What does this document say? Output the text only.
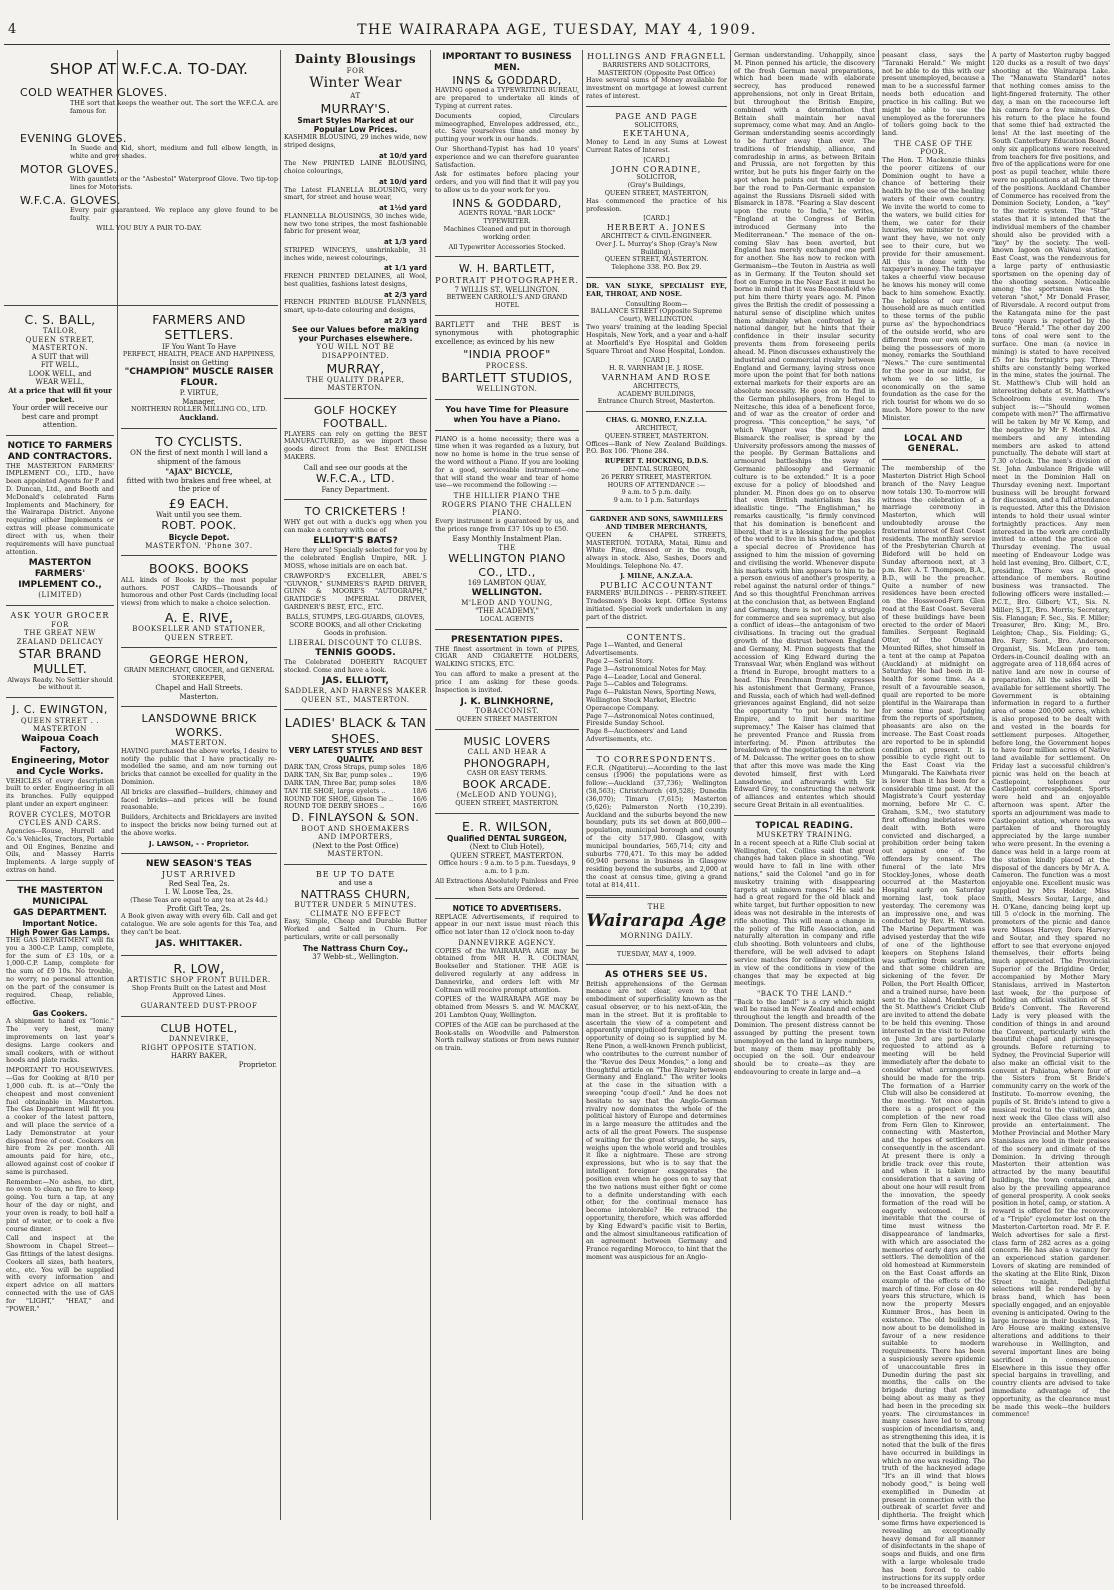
4	THE WAIRARAPA AGE, TUESDAY, MAY 4, 1909.
SHOP AT W.F.C.A. TO-DAY.
COLD WEATHER GLOVES.

THE sort that keeps the weather out. The sort the W.F.C.A. are famous for.

EVENING GLOVES.

In Suede and Kid, short, medium and full elbow length, in white and grey shades.

MOTOR GLOVES.

With gauntlets or the "Asbestol" Waterproof Glove. Two tip-top lines for Motorists.

W.F.C.A. GLOVES.

Every pair guaranteed. We replace any glove found to be faulty.

WILL YOU BUY A PAIR TO-DAY.

C. S. BALL,
TAILOR,
QUEEN STREET, MASTERTON.
A SUIT that will
FIT WELL,
LOOK WELL, and
WEAR WELL,
At a price that will fit your pocket.

Your order will receive our best care and prompt attention.

NOTICE TO FARMERS AND CONTRACTORS.

THE MASTERTON FARMERS' IMPLEMENT CO., LTD., have been appointed Agents for P. and D. Duncan, Ltd., and Booth and McDonald's celebrated Farm Implements and Machinery, for the Wairarapa District. Anyone requiring either Implements or extras will please communicate direct with us, when their requirements will have punctual attention.

MASTERTON FARMERS' IMPLEMENT CO.,
(LIMITED)
ASK YOUR GROCER
FOR
THE GREAT NEW ZEALAND DELICACY
STAR BRAND MULLET.

Always Ready. No Settler should be without it.

J. C. EWINGTON,
QUEEN STREET . . MASTERTON
Waipoua Coach Factory, Engineering, Motor and Cycle Works.

VEHICLES of every description built to order. Engineering in all its branches. Fully equipped plant under an expert engineer.

ROVER CYCLES, MOTOR CYCLES AND CARS.

Agencies—Rouse, Hurrell and Co.'s Vehicles, Tractors, Portable and Oil Engines, Benzine and Oils, and Massey Harris Implements. A large supply of extras on hand.

THE MASTERTON
MUNICIPAL
GAS DEPARTMENT.
Important Notice.
High Power Gas Lamps.

THE GAS DEPARTMENT will fix you a 300-C.P. Lamp, complete, for the sum of £3 10s, or a 1,000-C.P. Lamp, complete for the sum of £9 10s. No trouble, no worry, no personal attention on the part of the consumer is required. Cheap, reliable, effective.

Gas Cookers.

A shipment to hand ex "Ionic." The very best, many improvements on last year's designs. Large cookers and small cookers, with or without hoods and plate racks.

IMPORTANT TO HOUSEWIVES.—Gas for Cooking at 8/10 per 1,000 cub. ft. is at—"Only the cheapest and most convenient fuel obtainable in Masterton. The Gas Department will fit you a cooker of the latest pattern, and will place the service of a Lady Demonstrator at your disposal free of cost. Cookers on hire from 2s per month. All amounts paid for hire, etc., allowed against cost of cooker if same is purchased.

Remember.—No ashes, no dirt, no oven to clean, no fire to keep going. You turn a tap, at any hour of the day or night, and your oven is ready, to boil half a pint of water, or to cook a five course dinner.

Call and inspect at the Showroom in Chapel Street—Gas fittings of the latest designs. Cookers all sizes, bath heaters, etc., etc. You will be supplied with every information and expert advice on all matters connected with the use of GAS for "LIGHT," "HEAT," and "POWER."

FARMERS AND SETTLERS.
IF You Want To Have
PERFECT, HEALTH, PEACE AND HAPPINESS,
Insist on Getting
"CHAMPION" MUSCLE RAISER FLOUR.
P. VIRTUE,
Manager,
NORTHERN ROLLER MILLING CO., LTD.
Auckland.
TO CYCLISTS.

ON the first of next month I will land a shipment of the famous

"AJAX" BICYCLE,

fitted with two brakes and free wheel, at the price of

£9 EACH.
Wait until you see them.
ROBT. POOK.
Bicycle Depot.
MASTERTON. 'Phone 307.
BOOKS. BOOKS

ALL kinds of Books by the most popular authors. POST CARDS—Thousands of humorous and other Post Cards (including local views) from which to make a choice selection.

A. E. RIVE,
BOOKSELLER AND STATIONER,
QUEEN STREET.
GEORGE HERON,

GRAIN MERCHANT, GROCER, and GENERAL STOREKEEPER,

Chapel and Hall Streets.
Masterton.
LANSDOWNE BRICK WORKS.
MASTERTON.

HAVING purchased the above works, I desire to notify the public that I have practically re-modelled the same, and am now turning out bricks that cannot be excelled for quality in the Dominion.

All bricks are classified—builders, chimney and faced bricks—and prices will be found reasonable.

Builders, Architects and Bricklayers are invited to inspect the bricks now being turned out at the above works.

J. LAWSON, - - Proprietor.
NEW SEASON'S TEAS
JUST ARRIVED
Red Seal Tea, 2s.
I. W. Loose Tea, 2s.
(These Teas are equal to any tea at 2s 4d.)
Profit Gift Tea, 2s.

A Book given away with every 6lb. Call and get catalogue. We are sole agents for this Tea, and they can't be beat.

JAS. WHITTAKER.
R. LOW,
ARTISTIC SHOP FRONT BUILDER.

Shop Fronts Built on the Latest and Most Approved Lines.

GUARANTEED DUST-PROOF
CLUB HOTEL,
DANNEVIRKE,
RIGHT OPPOSITE STATION.
HARRY BAKER,
Proprietor.
Dainty Blousings
FOR
Winter Wear
AT
MURRAY'S.
Smart Styles Marked at our Popular Low Prices.

KASHMIR BLOUSING, 29 inches wide, new striped designs,

at 10/d yard

The New PRINTED LAINE BLOUSING, choice colourings,

at 10/d yard

The Latest FLANELLA BLOUSING, very smart, for street and house wear,

at 1½d yard

FLANNELLA BLOUSINGS, 30 inches wide, new two tone stripes, the most fashionable fabric for present wear,

at 1/3 yard

STRIPED WINCEYS, unshrinkable, 31 inches wide, newest colourings,

at 1/1 yard

FRENCH PRINTED DELAINES, all Wool, best qualities, fashions latest designs,

at 2/3 yard

FRENCH PRINTED BLOUSE FLANNELS, smart, up-to-date colouring and designs,

at 2/3 yard
See our Values before making your Purchases elsewhere.
YOU WILL NOT BE DISAPPOINTED.
MURRAY,
THE QUALITY DRAPER,
MASTERTON.
GOLF HOCKEY FOOTBALL.

PLAYERS can rely on getting the BEST MANUFACTURED, as we import these goods direct from the Best ENGLISH MAKERS.

Call and see our goods at the
W.F.C.A., LTD.
Fancy Department.
TO CRICKETERS !

WHY get out with a duck's egg when you can make a century with one of

ELLIOTT'S BATS?

Here they are! Specially selected for you by the celebrated English Umpire, MR. J. MOSS, whose initials are on each bat.

CRAWFORD'S EXCELLER, ABEL'S "GUVNOR," SUMMERS'S RAPID DRIVER, GUNN & MOORE'S "AUTOGRAPH," GRATIDGE'S IMPERIAL DRIVER, GARDNER'S BEST, ETC., ETC.

BALLS, STUMPS, LEG-GUARDS, GLOVES, SCORE BOOKS, and all other Cricketing Goods in profusion.

LIBERAL DISCOUNT TO CLUBS.
TENNIS GOODS.

The Celebrated DOHERTY RACQUET stocked. Come and have a look.

JAS. ELLIOTT,
SADDLER, AND HARNESS MAKER QUEEN ST., MASTERTON.
LADIES' BLACK & TAN SHOES.
VERY LATEST STYLES AND BEST QUALITY.
DARK TAN, Cross Straps, pump soles 18/6
DARK TAN, Six Bar, pump soles ..	19/6
DARK TAN, Three Bar, pump soles	18/6
TAN TIE SHOE, large eyelets ..	18/6
ROUND TOE SHOE, Gibson Tie ..	16/6
ROUND TOE DERBY SHOES ..	16/6
D. FINLAYSON & SON.
BOOT AND SHOEMAKERS
AND IMPORTERS,
(Next to the Post Office)
MASTERTON.
BE UP TO DATE
and use a
NATTRASS CHURN,
BUTTER UNDER 5 MINUTES.
CLIMATE NO EFFECT

Easy, Simple, Cheap and Durable Butter Worked and Salted in Churn. For particulars, write or call personally

The Nattrass Churn Coy.,
37 Webb-st., Wellington.
IMPORTANT TO BUSINESS MEN.
INNS & GODDARD,

HAVING opened a TYPEWRITING BUREAU, are prepared to undertake all kinds of Typing at current rates.

Documents copied, Circulars mimeographed, Envelopes addressed, etc., etc. Save yourselves time and money by putting your work in our hands.

Our Shorthand-Typist has had 10 years' experience and we can therefore guarantee Satisfaction.

Ask for estimates before placing your orders, and you will find that it will pay you to allow us to do your work for you.

INNS & GODDARD,
AGENTS ROYAL "BAR LOCK" TYPEWRITER.

Machines Cleaned and put in thorough working order.

All Typewriter Accessories Stocked.
W. H. BARTLETT,
PORTRAIT PHOTOGRAPHER.
7 WILLIS ST., WELLINGTON.
BETWEEN CARROLL'S AND GRAND HOTEL

BARTLETT and THE BEST is synonymous with photographic excellence; as evinced by his new

"INDIA PROOF"
PROCESS.
BARTLETT STUDIOS,
WELLINGTON.
You have Time for Pleasure when You have a Piano.

PIANO is a home necessity; there was a time when it was regarded as a luxury, but now no home is home in the true sense of the word without a Piano. If you are looking for a good, serviceable instrument—one that will stand the wear and tear of home use—we recommend the following :—

THE HILLIER PIANO THE ROGERS PIANO THE CHALLEN PIANO.

Every instrument is guaranteed by us, and the prices range from £37 10s up to £50.

Easy Monthly Instalment Plan.
THE
WELLINGTON PIANO CO., LTD.,
169 LAMBTON QUAY,
WELLINGTON.
M'LEOD AND YOUNG,
"THE ACADEMY,"
LOCAL AGENTS
PRESENTATION PIPES.

THE finest assortment in town of PIPES, CIGAR AND CIGARETTE HOLDERS, WALKING STICKS, ETC.

You can afford to make a present at the price I am asking for these goods. Inspection is invited.

J. K. BLINKHORNE,
TOBACCONIST.
QUEEN STREET MASTERTON
MUSIC LOVERS
CALL AND HEAR A
PHONOGRAPH,
CASH OR EASY TERMS.
BOOK ARCADE.
(McLEOD AND YOUNG),
QUEEN STREET, MASTERTON.
E. R. WILSON,
Qualified DENTAL SURGEON,
(Next to Club Hotel),
QUEEN STREET, MASTERTON.

Office hours : 9 a.m. to 5 p.m. Tuesdays, 9 a.m. to 1 p.m.

All Extractions Absolutely Painless and Free when Sets are Ordered.

NOTICE TO ADVERTISERS.

REPLACE Advertisements, if required to appear in our next issue must reach this office not later than 12 o'clock noon to-day

DANNEVIRKE AGENCY.

COPIES of the WAIRARAPA AGE may be obtained from MR H. R. COLTMAN, Bookseller and Stationer. THE AGE is delivered regularly at any address in Dannevirke, and orders left with Mr Coltman will receive prompt attention.

COPIES of the WAIRARAPA AGE may be obtained from Messrs S. and W. MACKAY, 201 Lambton Quay, Wellington.

COPIES of the AGE can be purchased at the Book-stalls on Woodville and Palmerston North railway stations or from news runner on train.

HOLLINGS AND FRAGNELL
BARRISTERS AND SOLICITORS,
MASTERTON (Opposite Post Office)

Have several sums of Money available for investment on mortgage at lowest current rates of interest.

PAGE AND PAGE
SOLICITORS,
EKETAHUNA,

Money to Lend in any Sums at Lowest Current Rates of Interest.

[CARD.]
JOHN CORADINE,
SOLICITOR,
(Gray's Buildings,
QUEEN STREET, MASTERTON,

Has commenced the practice of his profession.

[CARD.]
HERBERT A. JONES
ARCHITECT & CIVIL-ENGINEER.
Over J. L. Murray's Shop (Gray's New Building),
QUEEN STREET, MASTERTON.
Telephone 338. P.O. Box 29.

DR. VAN SLYKE, SPECIALIST EYE, EAR, THROAT, AND NOSE.

Consulting Room—
BALLANCE STREET (Opposite Supreme Court), WELLINGTON.

Two years' training at the leading Special Hospitals, New York, and a year and a-half at Moorfield's Eye Hospital and Golden Square Throat and Nose Hospital, London.

[CARD.]
H. R. VARNHAM [E. J. ROSE.
VARNHAM AND ROSE
ARCHITECTS,
ACADEMY BUILDINGS,
Entrance Church Street, Masterton.
CHAS. G. MONRO, F.N.Z.I.A.
ARCHITECT,
QUEEN-STREET, MASTERTON.

Offices—Bank of New Zealand Buildings. P.O. Box 106. 'Phone 284.

RUPERT T. HOCKING, D.D.S.
DENTAL SURGEON,
26 PERRY STREET, MASTERTON.
HOURS OF ATTENDANCE :—
9 a.m. to 5 p.m. daily.
9 a.m. to 1 p.m. Saturdays
GARDNER AND SONS, SAWMILLERS AND TIMBER MERCHANTS,

QUEEN & CHAPEL STREETS, MASTERTON. TOTARA, Matai, Rimu and White Pine, dressed or in the rough, always in stock. Also, Sashes, Doors and Mouldings. Telephone No. 47.

J. MILNE, A.N.Z.A.A.
PUBLIC ACCOUNTANT

FARMERS' BUILDINGS - - PERRY-STREET. Tradesmen's Books kept. Office Systems initiated. Special work undertaken in any part of the district.

CONTENTS.
Page 1—Wanted, and General Advertisements.
Page 2—Serial Story.
Page 3—Astronomical Notes for May.
Page 4—Leader, Local and General.
Page 5—Cables and Telegrams.
Page 6—Pakistan News, Sporting News, Wellington Stock Market, Electric Operaecope Company.
Page 7—Astronomical Notes continued, Fireside Sunday School.
Page 8—Auctioneers' and Land Advertisements, etc.
TO CORRESPONDENTS.

F.C.R. (Ngatiteru).—According to the last census (1906) the populations were as follow:—Auckland (37,736); Wellington (58,563); Christchurch (49,528); Dunedin (36,070); Timaru (7,615); Masterton (5,626); Palmerston North (10,239). Auckland and the suburbs beyond the new boundary, puts its set down at 860,000—population, municipal borough and county of the city 517,980. Glasgow, with municipal boundaries, 565,714; city and suburbs 770,471. To this may be added 60,940 persons in business in Glasgow residing beyond the suburbs, and 2,000 at the coast at census time, giving a grand total at 814,411.

THE
Wairarapa Age
MORNING DAILY.
TUESDAY, MAY 4, 1909.
AS OTHERS SEE US.

British apprehensions of the German menace are not clear, even to that embodiment of superficiality known as the casual observer, or to his next-of-kin, the man in the street. But it is profitable to ascertain the view of a competent and apparently unprejudiced foreigner, and the opportunity of doing so is supplied by M. Rene Pinon, a well-known French publicist, who contributes to the current number of the "Revue des Deux Mondes," a long and thoughtful article on "The Rivalry between Germany and England." The writer looks at the case in the situation with a sweeping "coup d'oeil." And he does not hesitate to say that the Anglo-German rivalry now dominates the whole of the political history of Europe and determines in a large measure the attitudes and the acts of all the great Powers. The suspense of waiting for the great struggle, he says, weighs upon the whole world and troubles it like a nightmare. These are strong expressions, but who is to say that the intelligent foreigner exaggerates the position even when he goes on to say that the two nations must either fight or come to a definite understanding with each other, for the continual menace has become intolerable? He retraced the opportunity, therefore, which was afforded by King Edward's pacific visit to Berlin, and the almost simultaneous ratification of an agreement between Germany and France regarding Morocco, to hint that the moment was auspicious for an Anglo-

German understanding. Unhappily, since M. Pinon penned his article, the discovery of the fresh German naval preparations, which had been made with elaborate secrecy, has produced renewed apprehensions, not only in Great Britain, but throughout the British Empire, combined with a determination that Britain shall maintain her naval supremacy, come what may. And an Anglo-German understanding seems accordingly to be further away than ever. The traditions of friendship, alliance, and comradeship in arms, as between Britain and Prussia, are not forgotten by this writer, but he puts his finger fairly on the spot when he points out that in order to bar the road to Pan-Germanic expansion against the Russians Disraeli sided with Bismarck in 1878. "Fearing a Slav descent upon the route to India," he writes, "England at the Congress of Berlin introduced Germany into the Mediterranean." The menace of the on-coming Slav has been averted, but England has merely exchanged one peril for another. She has now to reckon with Germanism—the Teuton in Austria as well as in Germany. If the Teuton should set foot on Europe in the Near East it must be borne in mind that it was Beaconsfield who put him there thirty years ago. M. Pinon gives the British the credit of possessing a natural sense of discipline which unites them admirably when confronted by a national danger, but he hints that their confidence in their insular security prevents them from foreseeing perils ahead. M. Pinon discusses exhaustively the industrial and commercial rivalry between England and Germany, laying stress once more upon the point that for both nations external markets for their exports are an absolute necessity. He goes on to find in the German philosophers, from Hegel to Neitzsche, this idea of a beneficent force, and of war as the creator of order and progress. "This conception," he says, "of which Wagner was the singer and Bismarck the realiser, is spread by the University professors among the masses of the people. By German Battalions and armoured battleships the sway of Germanic philosophy and Germanic culture is to be extended." It is a poor excuse for a policy of bloodshed and plunder. M. Pinon does go on to observe that even British materialism has its idealistic tinge. "The Englishman," he remarks caustically, "is firmly convinced that his domination is beneficent and liberal, that it is a blessing for the peoples of the world to live in his shadow, and that a special decree of Providence has assigned to him the mission of governing and civilising the world. Whenever dispute his markets with him appears to him to be a person envious of another's prosperity, a rebel against the natural order of things." And so this thoughtful Frenchman arrives at the conclusion that, as between England and Germany, there is not only a struggle for commerce and sea supremacy, but also a conflict of ideas—the antagonism of two civilisations. In tracing out the gradual growth of the distrust between England and Germany, M. Pinon suggests that the accession of King Edward during the Transvaal War, when England was without a friend in Europe, brought matters to a head. This Frenchman frankly expresses his astonishment that Germany, France, and Russia, each of which had well-defined grievances against England, did not seize the opportunity "to put bounds to her Empire, and to limit her maritime supremacy." The Kaiser has claimed that he prevented France and Russia from interfering. M. Pinon attributes the breakdown of the negotiation to the action of M. Delcasse. The writer goes on to show that after this move was made the King devoted himself, first with Lord Lansdowne, and afterwards with Sir Edward Grey, to constructing the network of alliances and ententes which should secure Great Britain in all eventualities.

TOPICAL READING.
MUSKETRY TRAINING.

In a recent speech at a Rifle Club social at Wellington, Col. Collins said that great changes had taken place in shooting. "We would have to fall in line with other nations," said the Colonel "and go in for musketry training with disappearing targets at unknown ranges." He said he had a great regard for the old black and white target, but further opposition to new ideas was not desirable in the interests of rifle shooting. This will mean a change in the policy of the Rifle Association, and naturally alteration in company and rifle club shooting. Both volunteers and clubs, therefore, will be well advised to adapt service matches for ordinary competition in view of the conditions in view of the changes that may be expected at big meetings.

"BACK TO THE LAND."

"Back to the land!" is a cry which might well be raised in New Zealand and echoed throughout the length and breadth of the Dominion. The present distress cannot be assuaged by putting the present town unemployed on the land in large numbers, but many of them may profitably be occupied on the soil. Our endeavour should be to create—as they are endeavouring to create in large and—a

peasant class, says the "Taranaki Herald." We might not be able to do this with our present unemployed, because a man to be a successful farmer needs both education and practice in his calling. But we might be able to use the unemployed as the forerunners of toilers going back to the land.

THE CASE OF THE POOR.

The Hon. T. Mackenzie thinks the poorer citizens of our Dominion ought to have a chance of bettering their health by the use of the healing waters of their own country. We invite the world to come to the waters, we build cities for them, we cater for their luxuries, we minister to every want they have, we not only see to their cure, but we provide for their amusement. All this is done with the taxpayer's money. The taxpayer takes a cheerful view because he knows his money will come back to him somehow. Exactly. The helpless of our own household are as much entitled to these terms of the public purse as' the hypochondriacs of the outside world, who are different from our own only in being the possessors of more money, remarks the Southland "News." The cure sentimental for the poor in our midst, for whom we do so little, is economically on the same foundation as the case for the rich tourist for whom we do so much. More power to the new Minister.

LOCAL AND GENERAL.

The membership of the Masterton District High School branch of the Navy League now totals 130. To-morrow will witness the celebration of a marriage ceremony in Masterton, which will undoubtedly arouse the fraternal interest of East Coast residents. The monthly service of the Presbyterian Church at Bideford will be held on Sunday afternoon next, at 3 p.m. Rev. A. T. Thompson, B.A., B.D., will be the preacher. Quite a number of new residences have been erected on the Hosswood-Fern Glen road at the East Coast. Several of these buildings have been erected to the order of Maori families. Sergeant Reginald Otter, of the Otumatea Mounted Rifles, shot himself in a tent at the camp at Papatoa (Auckland) at midnight on Saturday. He had been in ill-health for some time. As a result of a favourable season, quail are reported to be more plentiful in the Wairarapa than for some time past. Judging from the reports of sportsmen, pheasants are also on the increase. The East Coast roads are reported to be in splendid condition at present. It is possible to cycle right out to the East Coast via the Mungaraki. The Kaiwhata river is lower than it has been for a considerable time past. At the Magistrate's Court yesterday morning, before Mr C. C. Graham, S.M., two statutory first offending inebriates were dealt with. Both were convicted and discharged, a prohibition order being taken out against one of the offenders by consent. The funeral of the late Mrs Stockley-Jones, whose death occurred at the Masterton Hospital early on Saturday morning last, took place yesterday. The ceremony was an impressive one, and was conducted by Rev. H. Watson. The Marine Department was advised yesterday that the wife of one of the lighthouse keepers on Stephens Island was suffering from scarlatina, and that some children are sickening of the fever. Dr Pollen, the Port Health Officer, and a trained nurse, have been sent to the island. Members of the St. Matthew's Cricket Club are invited to attend the debate to be held this evening. Those interested in the visit to Petone on June 3rd are particularly requested to attend as a meeting will be held immediately after the debate to consider what arrangements should be made for the trip. The formation of a Harrier Club will also be considered at the meeting. Yet once again there is a prospect of the completion of the new road from Fern Glen to Kinrower, connecting with Masterton, and the hopes of settlers are consequently in the ascendant. At present there is only a bridle track over this route, and when it is taken into consideration that a saving of about one hour will result from the innovation, the speedy formation of the road will be eagerly welcomed. It is inevitable that the course of time must witness the disappearance of landmarks, with which are associated the memories of early days and old settlers. The demolition of the old homestead at Kummerstein on the East Coast affords an example of the effects of the march of time. For close on 40 years this structure, which is now the property Messrs Kummer Bros., has been in existence. The old building is now about to be demolished in favour of a new residence suitable to modern requirements. There has been a suspiciously severe epidemic of unaccountable fires in Dunedin during the past six months, the calls on the brigade during that period being about as many as they had been in the preceding six years. The circumstances in many cases have led to strong suspicion of incendiarism, and, as strengthening this idea, it is noted that the bulk of the fires have occurred in buildings in which no one was residing. The truth of the hackneyed adage "It's an ill wind that blows nobody good," is being well exemplified in Dunedin at present in connection with the outbreak of scarlet fever and diphtheria. The freight which some firms have experienced is revealing an exceptionally heavy demand for all manner of disinfectants in the shape of soaps and fluids, and one firm with a large wholesale trade has been forced to cable instructions for its supply order to be increased threefold.

A party of Masterton rugby bagged 120 ducks as a result of two days' shooting at the Wairarapa Lake. The "Manawatu Standard" notes that nothing comes amiss to the light-fingered fraternity. The other day, a man on the racecourse left his camera for a few minutes. On his return to the place he found that some thief had extracted the lens! At the last meeting of the South Canterbury Education Board, only six applications were received from teachers for five positions, and five of the applications were for one post as pupil teacher, while there were no applications at all for three of the positions. Auckland Chamber of Commerce has received from the Dominion Society, London, a "key" to the metric system. The "Star" states that it is intended that the individual members of the chamber should also be provided with a "key" by the society. The well-known lagoon on Waiwai station, East Coast, was the rendezvous for a large party of enthusiastic sportsmen on the opening day of the shooting season. Noticeable among the sportsmen was the veteran "shot," Mr Donald Fraser, of Riversdale. A record output from the Katangata mine for the past twenty years is reported by the Bruce "Herald." The other day 200 tons of coal were sent to the surface. One man (a novice in mining) is stated to have received £5 for his fortnight's pay. Three shifts are constantly being worked in the mine, states the journal. The St. Matthew's Club will hold an interesting debate at St. Matthew's Schoolroom this evening. The subject is:—"Should women compete with men?" The affirmative will be taken by Mr W. Kemp, and the negative by Mr F. Mothes. All members and any intending members are asked to attend punctually. The debate will start at 7.30 o'clock. The men's division of St. John Ambulance Brigade will meet in the Dominion Hall on Thursday evening next. Important business will be brought forward for discussion, and a full attendance is requested. After this the Division intends to hold their usual winter fortnightly practices. Any men interested in the work are cordially invited to attend the practice on Thursday evening. The usual meeting of Endeavour Lodge was held last evening, Bro. Gilbert, C.T., presiding. There was a good attendance of members. Routine business was transacted. The following officers were installed:—P.C.T., Bro. Gilbert; V.T., Sis. N. Miller; S.J.T., Bro. Morris; Secretary, Sis. Flanagan; F. Sec., Sis. F. Miller; Treasurer, Bro. King; M., Bro. Leighton; Chap., Sis. Fielding; G., Bro. Farr; Sent., Bro. Anderson; Organist, Sis. McLean pro tem. Orders-in-Council dealing with an aggregate area of 118,684 acres of native land are now in course of preparation. All the sales will be available for settlement shortly. The Government is obtaining information in regard to a further area of some 200,000 acres, which is also proposed to be dealt with and vested in the boards for settlement purposes. Altogether, before long, the Government hopes to have four million acres of Native land available for settlement. On Friday last a successful children's picnic was held on the beach at Castlepoint, telephones our Castlepoint correspondent. Sports were held and an enjoyable afternoon was spent. After the sports an adjournment was made to Castlepoint station, where tea was partaken of and thoroughly appreciated by the large number who were present. In the evening a dance was held in a large room at the station kindly placed at the disposal of the dancers by Mr A. A. Cameron. The function was a most enjoyable one. Excellent music was supplied by Mrs Holder, Miss Smith, Messrs Soutar, Large, and H. O'Kane, dancing being kept up till 5 o'clock in the morning. The promoters of the picnic and dance were Misses Harvey, Dora Harvey and Soutar, and they spared no effort to see that everyone enjoyed themselves, their efforts being much appreciated. The Provincial Superior of the Brigidine Order, accompanied by Mother Mary Stanislaus, arrived in Masterton last week, for the purpose of holding an official visitation of St. Bride's Convent. The Reverend Lady is very pleased with the condition of things in and around the Convent, particularly with the beautiful chapel and picturesque grounds. Before returning to Sydney, the Provincial Superior will also make an official visit to the convent at Pahiatua, where four of the Sisters from St Bride's community carry on the work of the Institute. To-morrow evening, the pupils of St. Bride's intend to give a musical recital to the visitors, and next week the Glee class will also provide an entertainment. The Mother Provincial and Mother Mary Stanislaus are loud in their praises of the scenery and climate of the Dominion. In driving through Masterton their attention was attracted by the many beautiful buildings, the town contains, and also by the prevailing appearance of general prosperity. A cook seeks position in hotel, camp, or station. A reward is offered for the recovery of a "Triple" cyclometer lost on the Masterton-Carterton road. Mr F. F. Welch advertises for sale a first-class farm of 282 acres as a going concern. He has also a vacancy for an experienced station gardener. Lovers of skating are reminded of the skating at the Elite Rink, Dixon Street to-night. Delightful selections will be rendered by a brass band, which has been specially engaged, and an enjoyable evening is anticipated. Owing to the large increase in their business, Te Aro House are making extensive alterations and additions to their warehouse in Wellington, and several important lines are being sacrificed in consequence. Elsewhere in this issue they offer special bargains in travelling, and country clients are advised to take immediate advantage of the opportunity, as the clearance must be made this week—the builders commence!
